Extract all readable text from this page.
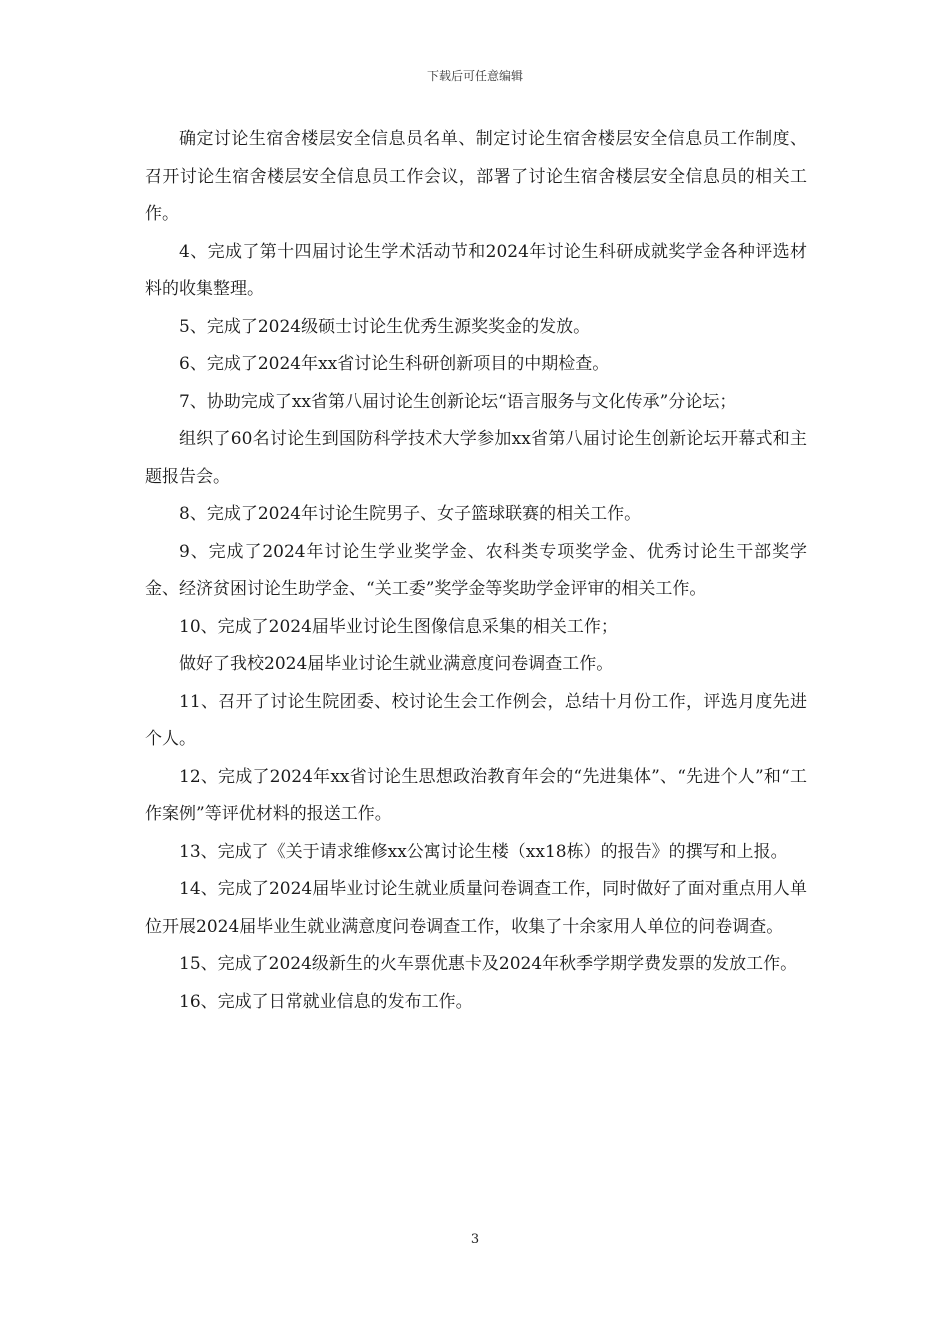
下载后可任意编辑

确定讨论生宿舍楼层安全信息员名单、制定讨论生宿舍楼层安全信息员工作制度、召开讨论生宿舍楼层安全信息员工作会议，部署了讨论生宿舍楼层安全信息员的相关工作。

4、完成了第十四届讨论生学术活动节和2024年讨论生科研成就奖学金各种评选材料的收集整理。

5、完成了2024级硕士讨论生优秀生源奖奖金的发放。

6、完成了2024年xx省讨论生科研创新项目的中期检查。

7、协助完成了xx省第八届讨论生创新论坛“语言服务与文化传承”分论坛；

组织了60名讨论生到国防科学技术大学参加xx省第八届讨论生创新论坛开幕式和主题报告会。

8、完成了2024年讨论生院男子、女子篮球联赛的相关工作。

9、完成了2024年讨论生学业奖学金、农科类专项奖学金、优秀讨论生干部奖学金、经济贫困讨论生助学金、“关工委”奖学金等奖助学金评审的相关工作。

10、完成了2024届毕业讨论生图像信息采集的相关工作；

做好了我校2024届毕业讨论生就业满意度问卷调查工作。

11、召开了讨论生院团委、校讨论生会工作例会，总结十月份工作，评选月度先进个人。

12、完成了2024年xx省讨论生思想政治教育年会的“先进集体”、“先进个人”和“工作案例”等评优材料的报送工作。

13、完成了《关于请求维修xx公寓讨论生楼（xx18栋）的报告》的撰写和上报。

14、完成了2024届毕业讨论生就业质量问卷调查工作，同时做好了面对重点用人单位开展2024届毕业生就业满意度问卷调查工作，收集了十余家用人单位的问卷调查。

15、完成了2024级新生的火车票优惠卡及2024年秋季学期学费发票的发放工作。

16、完成了日常就业信息的发布工作。

3
